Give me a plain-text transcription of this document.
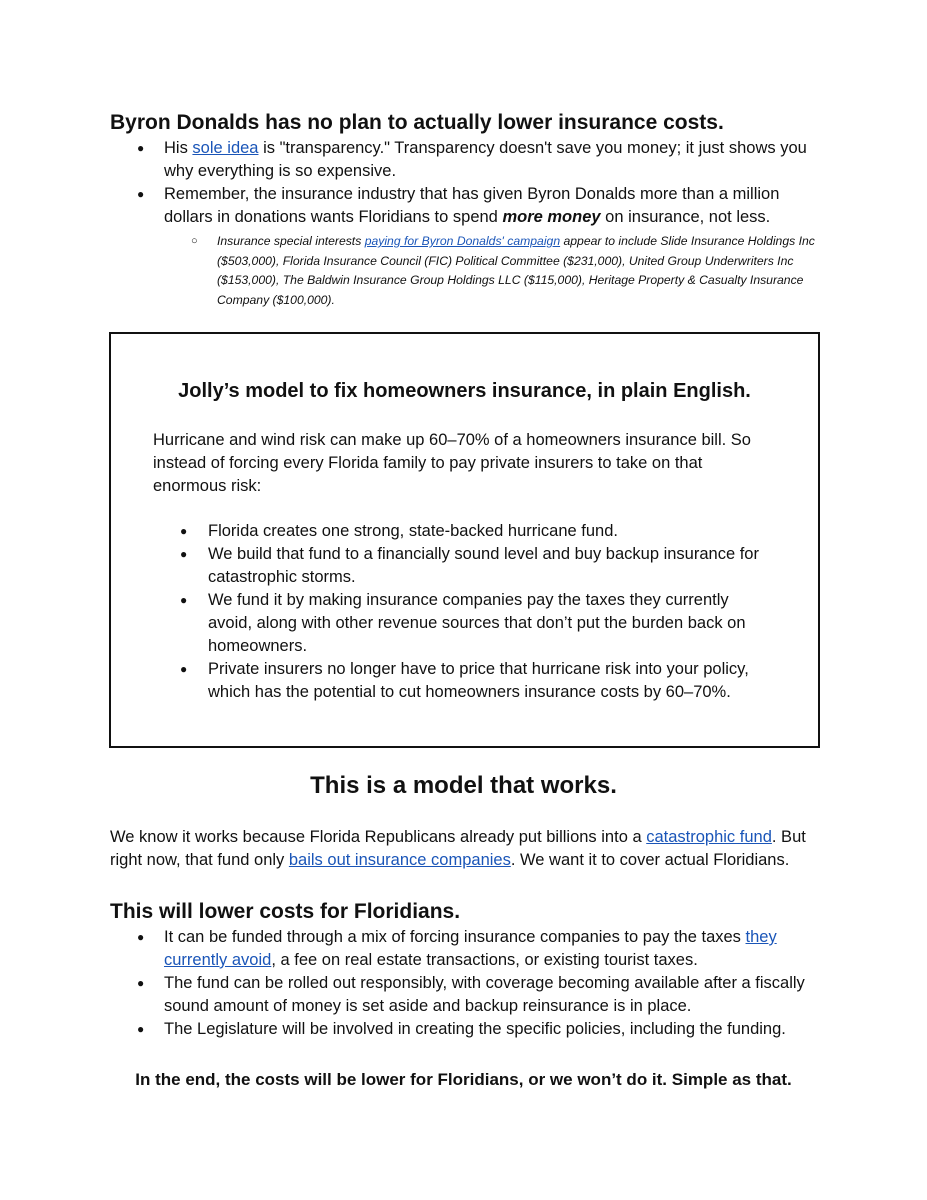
Byron Donalds has no plan to actually lower insurance costs.
● His sole idea is "transparency." Transparency doesn't save you money; it just shows you why everything is so expensive.
● Remember, the insurance industry that has given Byron Donalds more than a million dollars in donations wants Floridians to spend more money on insurance, not less.
○ Insurance special interests paying for Byron Donalds' campaign appear to include Slide Insurance Holdings Inc ($503,000), Florida Insurance Council (FIC) Political Committee ($231,000), United Group Underwriters Inc ($153,000), The Baldwin Insurance Group Holdings LLC ($115,000), Heritage Property & Casualty Insurance Company ($100,000).
Jolly’s model to fix homeowners insurance, in plain English.

Hurricane and wind risk can make up 60–70% of a homeowners insurance bill. So instead of forcing every Florida family to pay private insurers to take on that enormous risk:

● Florida creates one strong, state-backed hurricane fund.
● We build that fund to a financially sound level and buy backup insurance for catastrophic storms.
● We fund it by making insurance companies pay the taxes they currently avoid, along with other revenue sources that don’t put the burden back on homeowners.
● Private insurers no longer have to price that hurricane risk into your policy, which has the potential to cut homeowners insurance costs by 60–70%.
This is a model that works.

We know it works because Florida Republicans already put billions into a catastrophic fund. But right now, that fund only bails out insurance companies. We want it to cover actual Floridians.

This will lower costs for Floridians.
● It can be funded through a mix of forcing insurance companies to pay the taxes they currently avoid, a fee on real estate transactions, or existing tourist taxes.
● The fund can be rolled out responsibly, with coverage becoming available after a fiscally sound amount of money is set aside and backup reinsurance is in place.
● The Legislature will be involved in creating the specific policies, including the funding.

In the end, the costs will be lower for Floridians, or we won’t do it. Simple as that.
